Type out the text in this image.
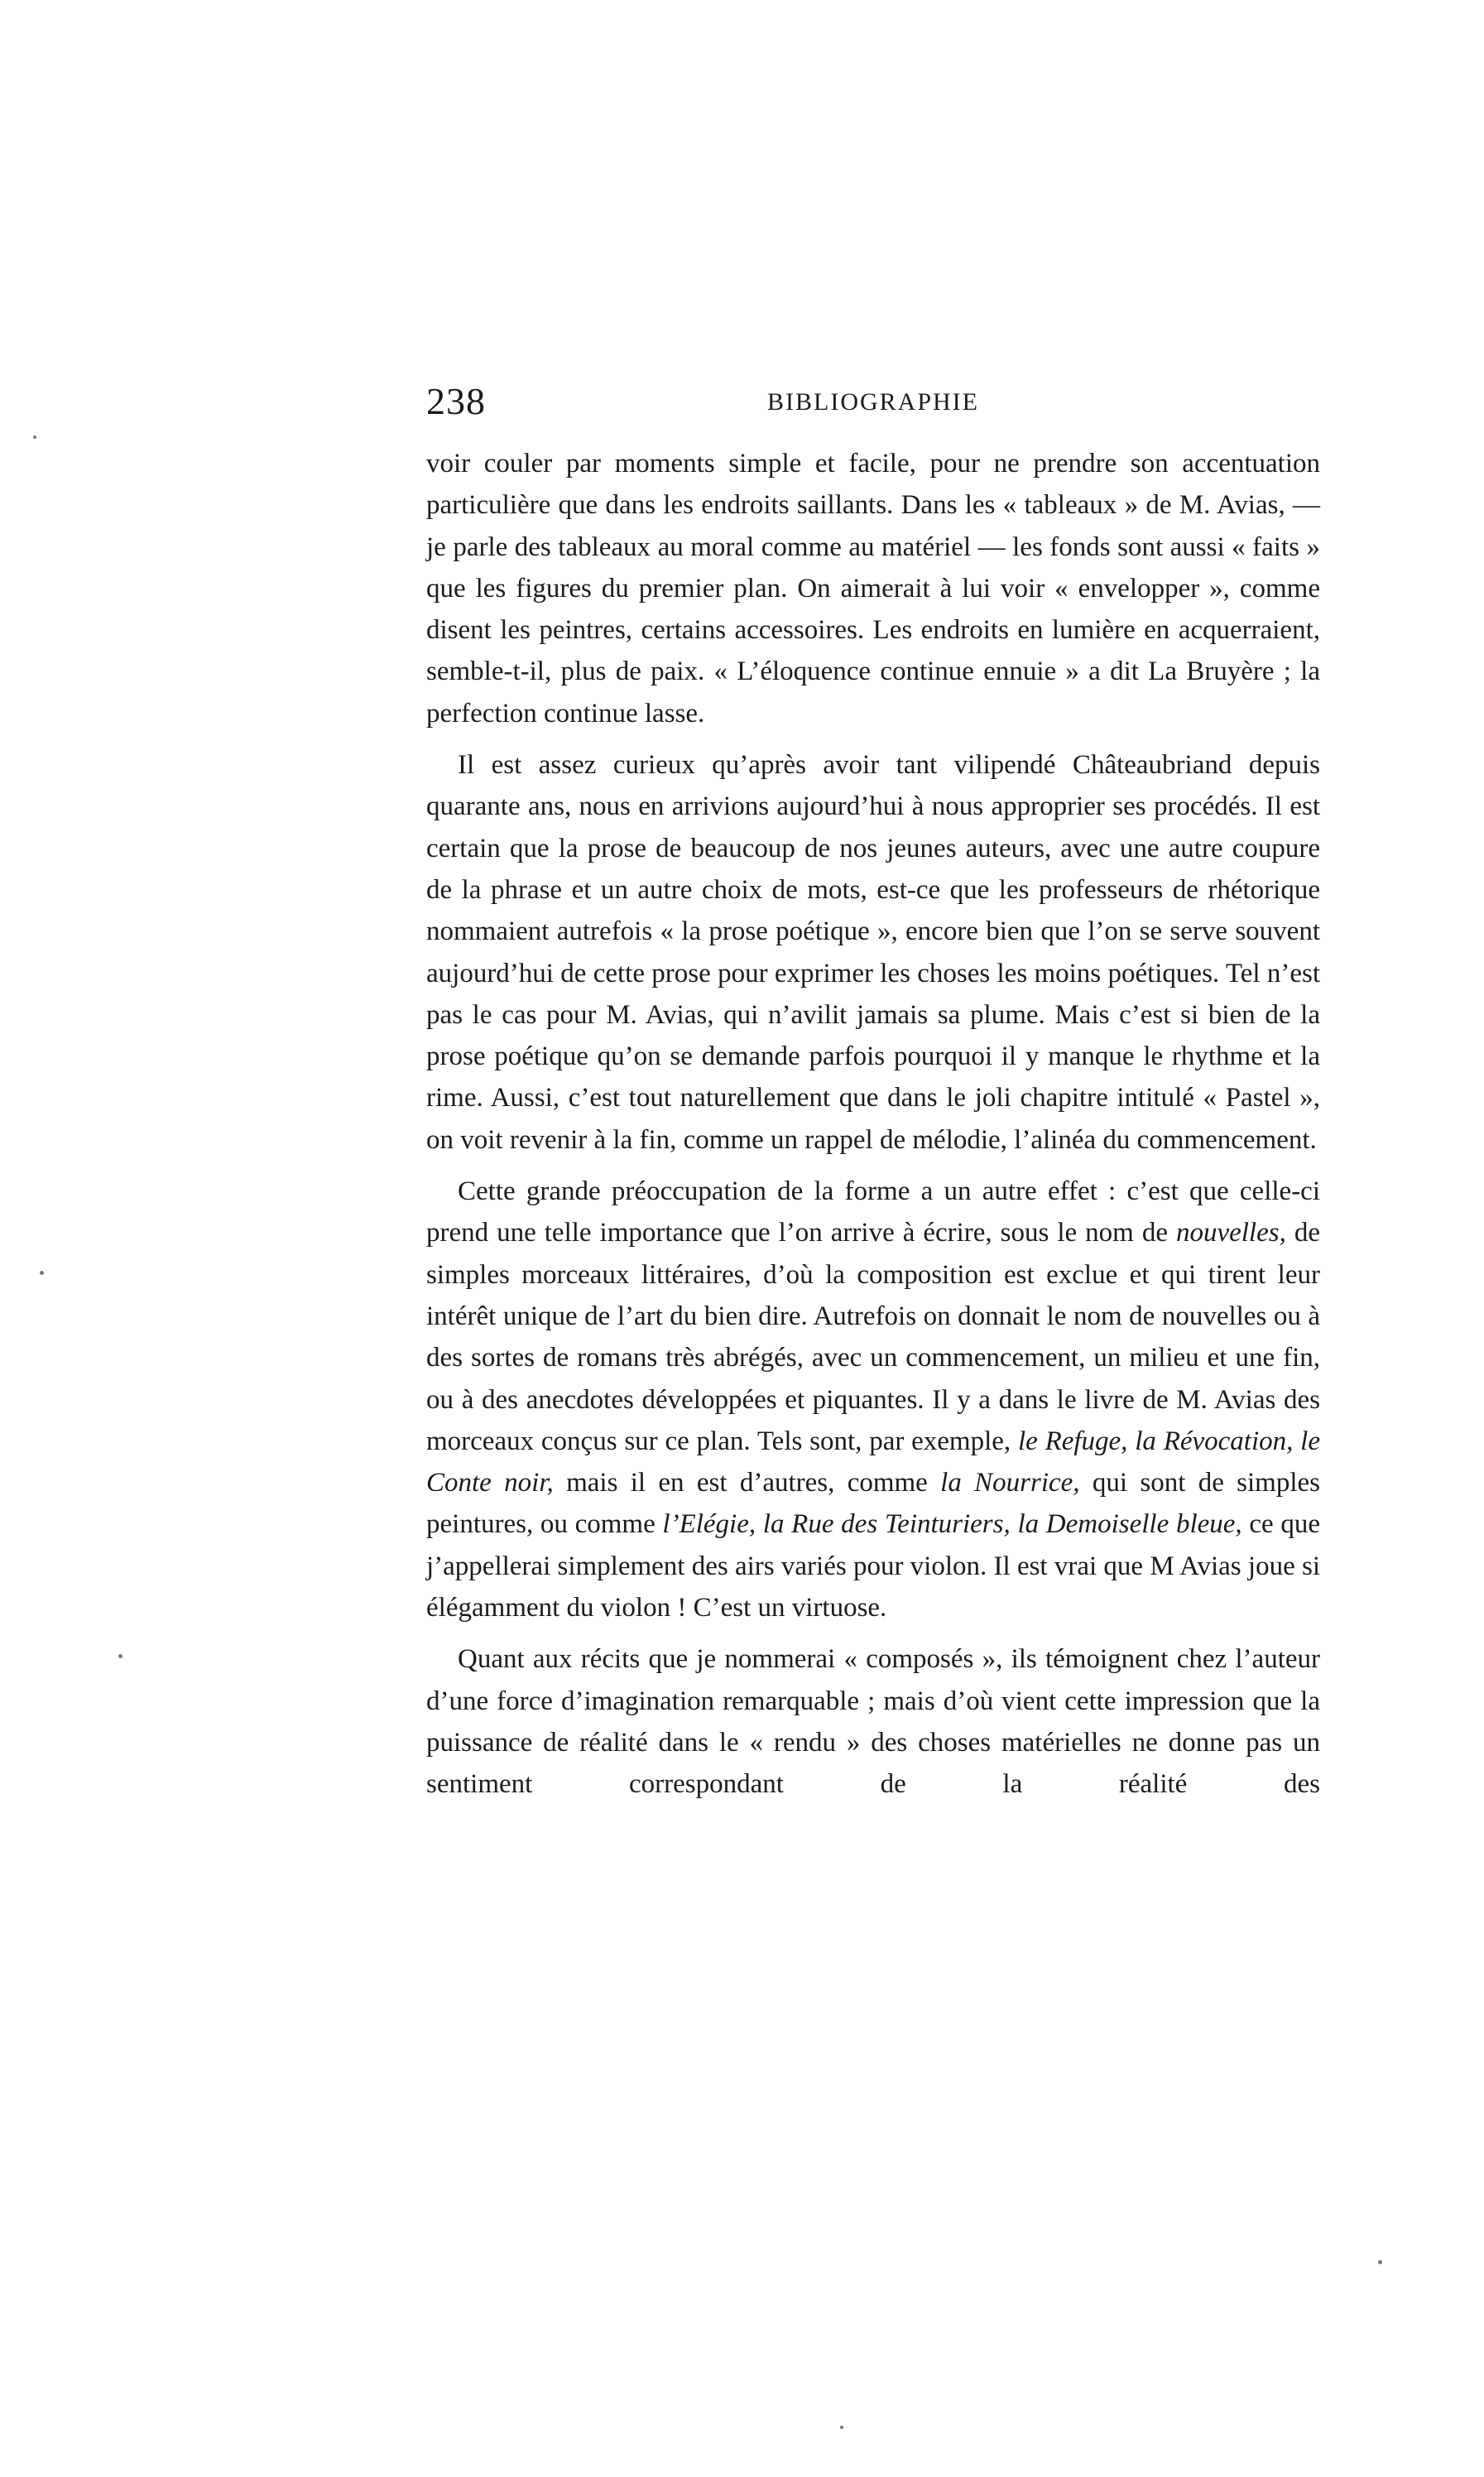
238	BIBLIOGRAPHIE

voir couler par moments simple et facile, pour ne prendre son accentuation particulière que dans les endroits saillants. Dans les « tableaux » de M. Avias, — je parle des tableaux au moral comme au matériel — les fonds sont aussi « faits » que les figures du premier plan. On aimerait à lui voir « envelopper », comme disent les peintres, certains accessoires. Les endroits en lumière en acquerraient, semble-t-il, plus de paix. « L’éloquence continue ennuie » a dit La Bruyère ; la perfection continue lasse.

Il est assez curieux qu’après avoir tant vilipendé Châteaubriand depuis quarante ans, nous en arrivions aujourd’hui à nous approprier ses procédés. Il est certain que la prose de beaucoup de nos jeunes auteurs, avec une autre coupure de la phrase et un autre choix de mots, est-ce que les professeurs de rhétorique nommaient autrefois « la prose poétique », encore bien que l’on se serve souvent aujourd’hui de cette prose pour exprimer les choses les moins poétiques. Tel n’est pas le cas pour M. Avias, qui n’avilit jamais sa plume. Mais c’est si bien de la prose poétique qu’on se demande parfois pourquoi il y manque le rhythme et la rime. Aussi, c’est tout naturellement que dans le joli chapitre intitulé « Pastel », on voit revenir à la fin, comme un rappel de mélodie, l’alinéa du commencement.

Cette grande préoccupation de la forme a un autre effet : c’est que celle-ci prend une telle importance que l’on arrive à écrire, sous le nom de nouvelles, de simples morceaux littéraires, d’où la composition est exclue et qui tirent leur intérêt unique de l’art du bien dire. Autrefois on donnait le nom de nouvelles ou à des sortes de romans très abrégés, avec un commencement, un milieu et une fin, ou à des anecdotes développées et piquantes. Il y a dans le livre de M. Avias des morceaux conçus sur ce plan. Tels sont, par exemple, le Refuge, la Révocation, le Conte noir, mais il en est d’autres, comme la Nourrice, qui sont de simples peintures, ou comme l’Elégie, la Rue des Teinturiers, la Demoiselle bleue, ce que j’appellerai simplement des airs variés pour violon. Il est vrai que M Avias joue si élégamment du violon ! C’est un virtuose.

Quant aux récits que je nommerai « composés », ils témoignent chez l’auteur d’une force d’imagination remarquable ; mais d’où vient cette impression que la puissance de réalité dans le « rendu » des choses matérielles ne donne pas un sentiment correspondant de la réalité des
